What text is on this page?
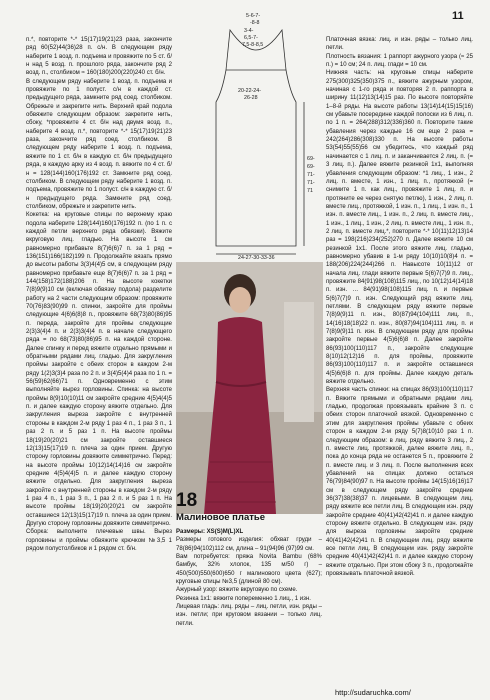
11

п.*, повторите *-* 15(17)19(21)23 раза, закончите ряд 60(52)44(36)28 п. с/н. В следующем ряду наберите 1 возд. п. подъема и провяжите по 5 ст. б/н над 5 возд. п. прошлого ряда, закончите ряд 2 возд. п., столбиком ≈ 160(180)200(220)240 ст. б/н.

В следующем ряду наберите 1 возд. п. подъема и провяжите по 1 полуст. с/н в каждой ст. предыдущего ряда, замкните ряд соед. столбиком. Обрежьте и закрепите нить. Верхний край подола обвяжите следующим образом: закрепите нить, сбоку, *провяжите 4 ст. б/н над двумя возд. п., наберите 4 возд. п.*, повторите *-* 15(17)19(21)23 раза, закончите ряд соед. столбиком. В следующем ряду наберите 1 возд. п. подъема, вяжите по 1 ст. б/н в каждую ст. б/н предыдущего ряда, в каждую арку из 4 возд. п. вяжите по 4 ст. б/н = 128(144)160(176)192 ст. Замкните ряд соед. столбиком. В следующем ряду наберите 1 возд. п. подъема, провяжите по 1 полуст. с/н в каждую ст. б/н предыдущего ряда. Замкните ряд соед. столбиком, обрежьте и закрепите нить.

Кокетка: на круговые спицы по верхнему краю подола наберите 128(144)160(176)192 п. (по 1 п. с каждой петли верхнего ряда обвязки). Вяжите вкруговую лиц. гладью. На высоте 1 см равномерно прибавьте 8(7)6(6)7 п. за 1 ряд = 136(151)166(182)199 п. Продолжайте вязать прямо до высоты работы 3(3)4(4)5 см, в следующем ряду равномерно прибавьте еще 8(7)6(6)7 п. за 1 ряд = 144(158)172(188)206 п. На высоте кокетки 7(8)9(9)10 см (включая обвязку подола) разделите работу на 2 части следующим образом: провяжите 70(76)83(90)99 п. спинки, закройте для проймы следующие 4(6)6(8)8 п., провяжите 68(73)80(86)95 п. переда, закройте для проймы следующие 2(3)3(4)4 п. и 2(3)3(4)4 п. в начале следующего ряда = по 68(73)80(86)95 п. на каждой стороне. Далее спинку и перед вяжите отдельно прямыми и обратными рядами лиц. гладью. Для закругления проймы закройте с обеих сторон в каждом 2-м ряду 1(2)3(3)4 раза по 2 п. и 3(4)5(4)4 раза по 1 п. = 56(59)62(66)71 п. Одновременно с этим выполняйте вырез горловины. Спинка: на высоте проймы 8(9)10(10)11 см закройте средние 4(5)4(4)5 п. и далее каждую сторону вяжите отдельно. Для закругления выреза закройте с внутренней стороны в каждом 2-м ряду 1 раз 4 п., 1 раз 3 п., 1 раз 2 п. и 5 раз 1 п. На высоте проймы 18(19)20(20)21 см закройте оставшиеся 12(13)15(17)19 п. плеча за один прием. Другую сторону горловины довяжите симметрично. Перед: на высоте проймы 10(12)14(14)16 см закройте средние 4(5)4(4)5 п. и далее каждую сторону вяжите отдельно. Для закругления выреза закройте с внутренней стороны в каждом 2-м ряду 1 раз 4 п., 1 раз 3 п., 1 раз 2 п. и 5 раз 1 п. На высоте проймы 18(19)20(20)21 см закройте оставшиеся 12(13)15(17)19 п. плеча за один прием. Другую сторону горловины довяжите симметрично.

Сборка: выполните плечевые швы. Вырез горловины и проймы обвяжите крючком №3,5 1 рядом полустолбиков и 1 рядом ст. б/н.

5-6-7-
-8-8
3-4-
6,5-7-
7,5-8-8,5
20-22-24-
26-28
69-
69-
71-
71-
71
24-27-30-33-36
18
Малиновое платье

Размеры: XS(S)M(L)XL

Размеры готового изделия: обхват груди – 78(86)94(102)112 см, длина – 91(94)96 (97)99 см.

Вам потребуется: пряжа Novita Bambu (68% бамбук, 32% хлопок, 135 м/50 г) – 450(500)550(600)650 г малинового цвета (627); круговые спицы №3,5 (длиной 80 см).

Ажурный узор: вяжите вкруговую по схеме.

Резинка 1х1: вяжите попеременно 1 лиц., 1 изн.

Лицевая гладь: лиц. ряды – лиц. петли, изн. ряды – изн. петли; при круговом вязании – только лиц. петли.

Платочная вязка: лиц. и изн. ряды – только лиц. петли.

Плотность вязания: 1 раппорт ажурного узора (≈ 25 п.) = 10 см; 24 п. лиц. глади = 10 см.

Нижняя часть: на круговые спицы наберите 275(300)325(350)375 п., вяжите ажурным узором, начиная с 1-го ряда и повторяя 2 п. раппорта в ширину 11(12)13(14)15 раз. По высоте повторяйте 1–8-й ряды. На высоте работы 13(14)14(15)15(16) см убавьте посередине каждой полоски из 6 лиц. п. по 1 п. = 264(288)312(336)360 п. Повторите такие убавления через каждые 16 см еще 2 раза = 242(264)286(308)330 п. На высоте работы 53(54)55(55)56 см убедитесь, что каждый ряд начинается с 1 лиц. п. и заканчивается 2 лиц. п. (= 3 лиц. п.). Далее вяжите резинкой 1х1, выполняя убавления следующим образом: *1 лиц., 1 изн., 2 лиц. п. вместе, 1 изн., 1 лиц. п., протяжкой (= снимите 1 п. как лиц., провяжите 1 лиц. п. и протяните ее через снятую петлю), 1 изн., 2 лиц. п. вместе лиц., протяжкой, 1 изн. п., 1 лиц., 1 изн. п., 1 изн. п. вместе лиц., 1 изн. п., 2 лиц. п. вместе лиц., 1 изн., 1 лиц., 1 изн., 2 лиц. п. вместе лиц., 1 изн. п., 2 лиц. п. вместе лиц.*, повторите *-* 10(11)12(13)14 раз = 198(216)234(252)270 п. Далее вяжите 10 см резинкой 1х1. После этого вяжите лиц. гладью, равномерно убавив в 1-м ряду 10(10)10(8)4 п. = 188(206)224(244)266 п. Навысоте 10(11)12 от начала лиц. глади вяжите первые 5(6)7(7)9 п. лиц., провяжите 84(91)98(108)115 лиц., по 10(12)14(14)18 п. изн. … 84(91)98(108)115 лиц. п. и первые 5(6)7(7)9 п. изн. Следующий ряд вяжите лиц. петлями. В следующем ряду вяжите первые 7(8)9(9)11 п. изн., 80(87)94(104)111 лиц. п., 14(16)18(18)22 п. изн., 80(87)94(104)111 лиц. п. и 7(8)9(9)11 п. изн. В следующем ряду для проймы закройте первые 4(5)6(6)8 п. Далее закройте 86(93)100(110)117 п., закройте следующие 8(10)12(12)16 п. для проймы, провяжите 86(93)100(110)117 п. и закройте оставшиеся 4(5)6(6)8 п. для проймы. Далее каждую деталь вяжите отдельно.

Верхняя часть спинки: на спицах 86(93)100(110)117 п. Вяжите прямыми и обратными рядами лиц. гладью, продолжая провязывать крайние 3 п. с обеих сторон платочной вязкой. Одновременно с этим для закругления проймы убавьте с обеих сторон в каждом 2-м ряду 5(7)8(10)10 раз 1 п. следующим образом: в лиц. ряду вяжите 3 лиц., 2 п. вместе лиц. протяжкой, далее вяжите лиц. п., пока до конца ряда не останется 5 п., провяжите 2 п. вместе лиц. и 3 лиц. п. После выполнения всех убавлений на спицах должно остаться 76(79)84(90)97 п. На высоте проймы 14(15)16(16)17 см в следующем ряду закройте средние 36(37)38(38)37 п. лицевыми. В следующем лиц. ряду вяжите все петли лиц. В следующем изн. ряду закройте средние 40(41)42(42)41 п. и далее каждую сторону вяжите отдельно. В следующем изн. ряду для выреза горловины закройте средние 40(41)42(42)41 п. В следующем лиц. ряду вяжите все петли лиц. В следующем изн. ряду закройте средние 40(41)42(42)41 п. и далее каждую сторону вяжите отдельно. При этом сбоку 3 п., продолжайте провязывать платочной вязкой.

http://sudaruchka.com/
